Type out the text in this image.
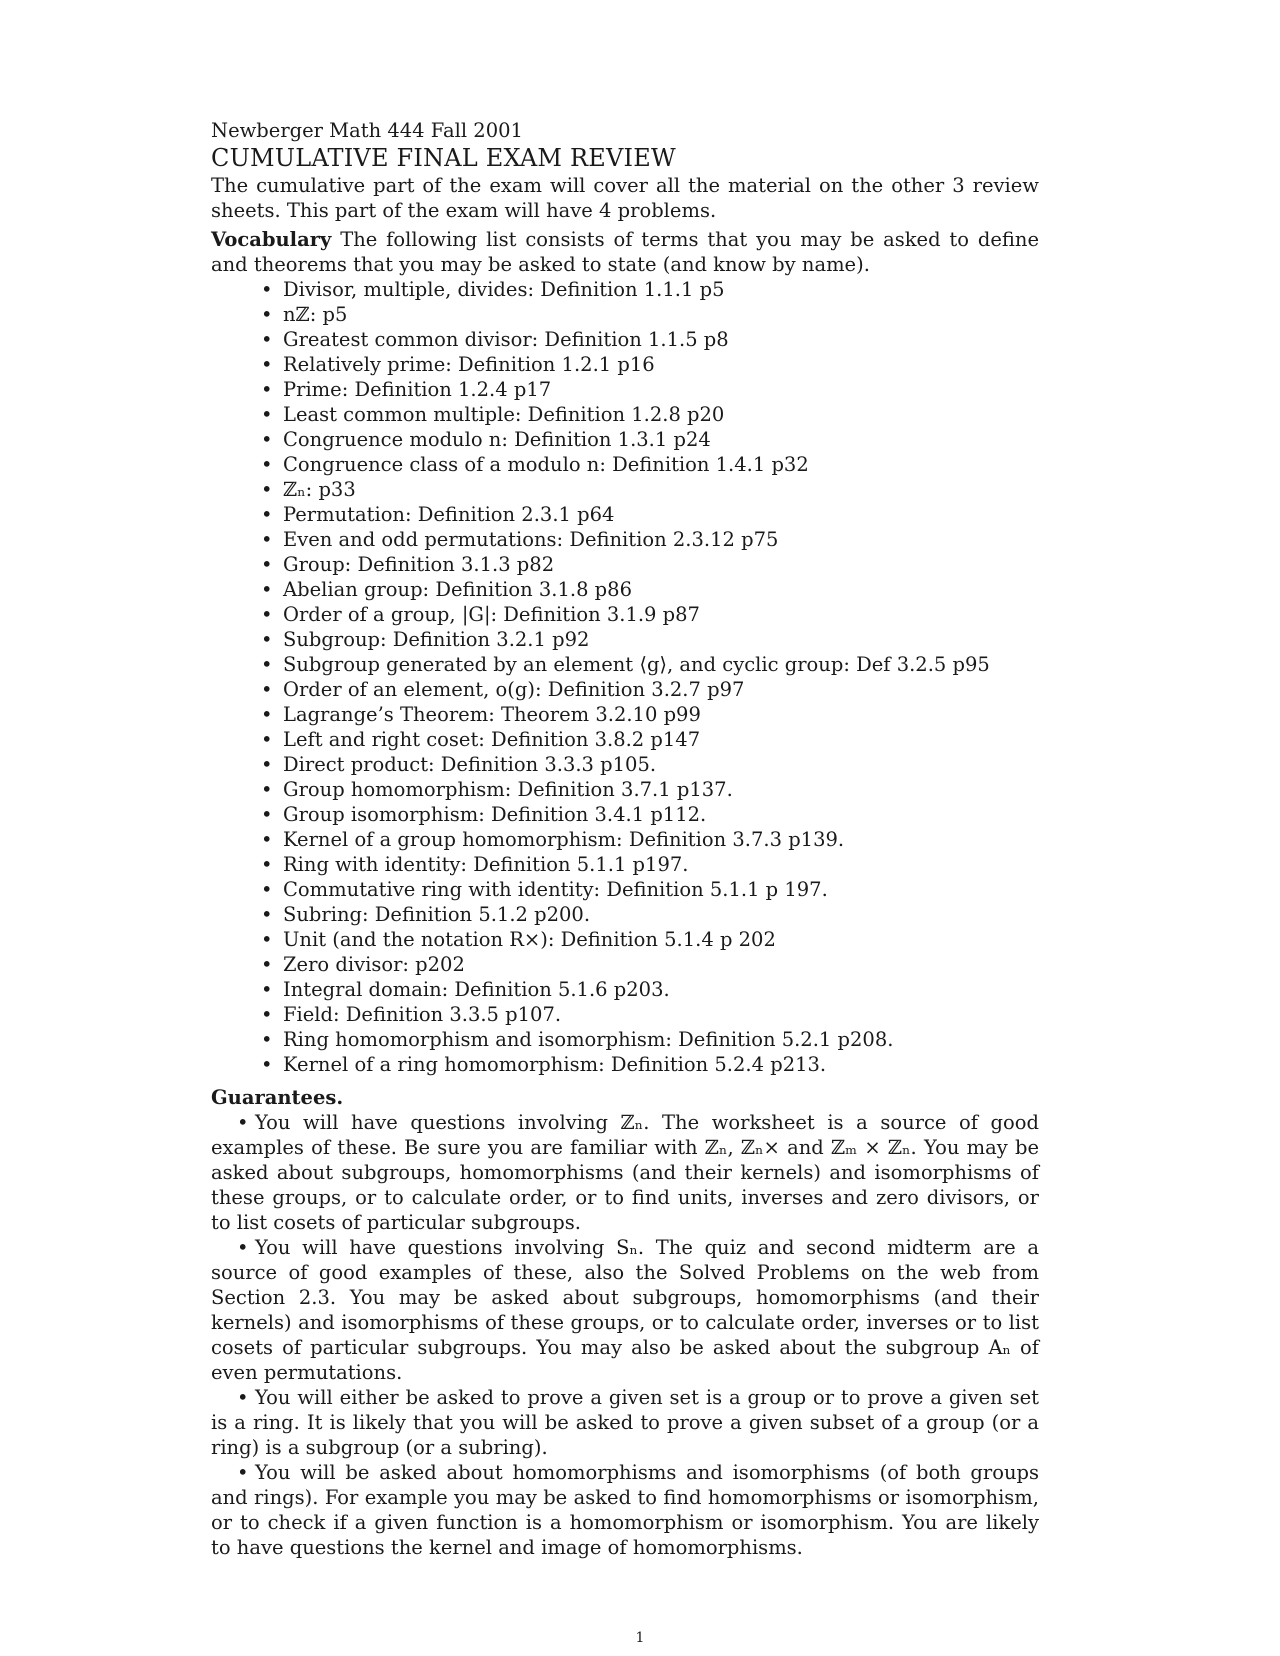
Newberger Math 444 Fall 2001

CUMULATIVE FINAL EXAM REVIEW

The cumulative part of the exam will cover all the material on the other 3 review sheets. This part of the exam will have 4 problems.

Vocabulary The following list consists of terms that you may be asked to define and theorems that you may be asked to state (and know by name).

• Divisor, multiple, divides: Definition 1.1.1 p5
• nℤ: p5
• Greatest common divisor: Definition 1.1.5 p8
• Relatively prime: Definition 1.2.1 p16
• Prime: Definition 1.2.4 p17
• Least common multiple: Definition 1.2.8 p20
• Congruence modulo n: Definition 1.3.1 p24
• Congruence class of a modulo n: Definition 1.4.1 p32
• ℤₙ: p33
• Permutation: Definition 2.3.1 p64
• Even and odd permutations: Definition 2.3.12 p75
• Group: Definition 3.1.3 p82
• Abelian group: Definition 3.1.8 p86
• Order of a group, |G|: Definition 3.1.9 p87
• Subgroup: Definition 3.2.1 p92
• Subgroup generated by an element ⟨g⟩, and cyclic group: Def 3.2.5 p95
• Order of an element, o(g): Definition 3.2.7 p97
• Lagrange’s Theorem: Theorem 3.2.10 p99
• Left and right coset: Definition 3.8.2 p147
• Direct product: Definition 3.3.3 p105.
• Group homomorphism: Definition 3.7.1 p137.
• Group isomorphism: Definition 3.4.1 p112.
• Kernel of a group homomorphism: Definition 3.7.3 p139.
• Ring with identity: Definition 5.1.1 p197.
• Commutative ring with identity: Definition 5.1.1 p 197.
• Subring: Definition 5.1.2 p200.
• Unit (and the notation R×): Definition 5.1.4 p 202
• Zero divisor: p202
• Integral domain: Definition 5.1.6 p203.
• Field: Definition 3.3.5 p107.
• Ring homomorphism and isomorphism: Definition 5.2.1 p208.
• Kernel of a ring homomorphism: Definition 5.2.4 p213.

Guarantees.

• You will have questions involving ℤₙ. The worksheet is a source of good examples of these. Be sure you are familiar with ℤₙ, ℤₙ× and ℤₘ × ℤₙ. You may be asked about subgroups, homomorphisms (and their kernels) and isomorphisms of these groups, or to calculate order, or to find units, inverses and zero divisors, or to list cosets of particular subgroups.

• You will have questions involving Sₙ. The quiz and second midterm are a source of good examples of these, also the Solved Problems on the web from Section 2.3. You may be asked about subgroups, homomorphisms (and their kernels) and isomorphisms of these groups, or to calculate order, inverses or to list cosets of particular subgroups. You may also be asked about the subgroup Aₙ of even permutations.

• You will either be asked to prove a given set is a group or to prove a given set is a ring. It is likely that you will be asked to prove a given subset of a group (or a ring) is a subgroup (or a subring).

• You will be asked about homomorphisms and isomorphisms (of both groups and rings). For example you may be asked to find homomorphisms or isomorphism, or to check if a given function is a homomorphism or isomorphism. You are likely to have questions the kernel and image of homomorphisms.

1
